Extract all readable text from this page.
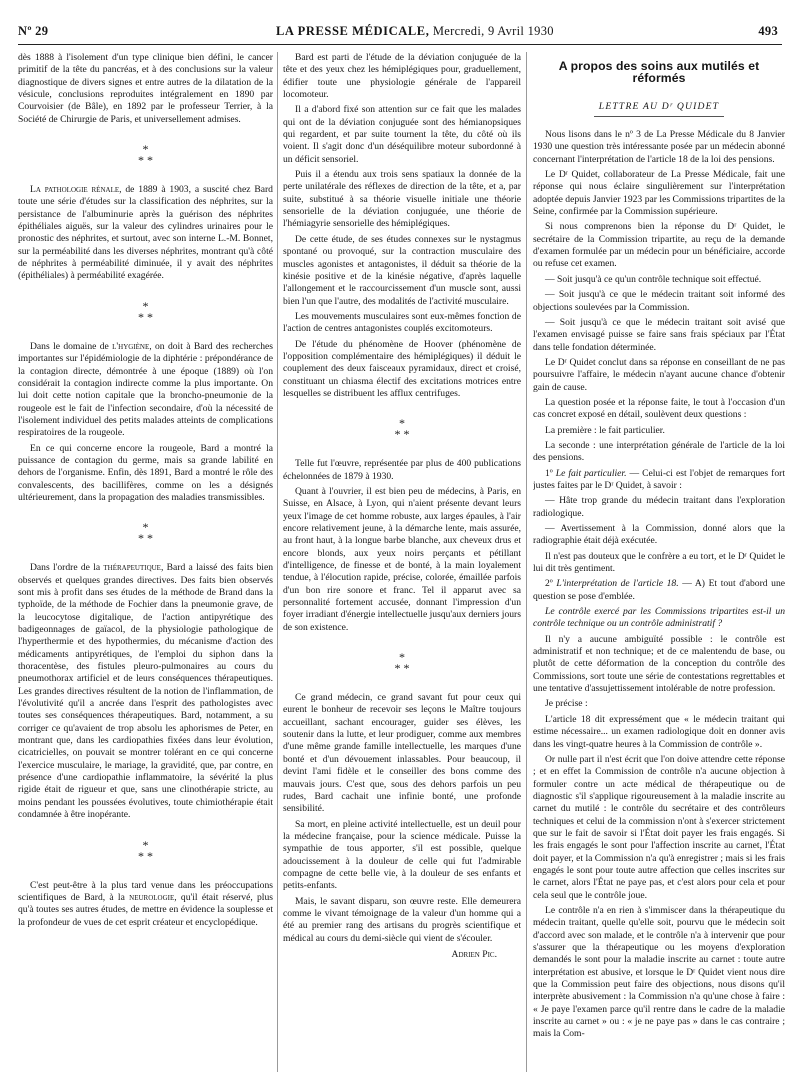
Nº 29	LA PRESSE MÉDICALE, Mercredi, 9 Avril 1930	493

dès 1888 à l'isolement d'un type clinique bien défini, le cancer primitif de la tête du pancréas, et à des conclusions sur la valeur diagnostique de divers signes et entre autres de la dilatation de la vésicule, conclusions reproduites intégralement en 1890 par Courvoisier (de Bâle), en 1892 par le professeur Terrier, à la Société de Chirurgie de Paris, et universellement admises.

*
* *

La pathologie rénale, de 1889 à 1903, a suscité chez Bard toute une série d'études sur la classification des néphrites, sur la persistance de l'albuminurie après la guérison des néphrites épithéliales aiguës, sur la valeur des cylindres urinaires pour le pronostic des néphrites, et surtout, avec son interne L.-M. Bonnet, sur la perméabilité dans les diverses néphrites, montrant qu'à côté de néphrites à perméabilité diminuée, il y avait des néphrites (épithéliales) à perméabilité exagérée.

*
* *

Dans le domaine de l'hygiène, on doit à Bard des recherches importantes sur l'épidémiologie de la diphtérie : prépondérance de la contagion directe, démontrée à une époque (1889) où l'on considérait la contagion indirecte comme la plus importante. On lui doit cette notion capitale que la broncho-pneumonie de la rougeole est le fait de l'infection secondaire, d'où la nécessité de l'isolement individuel des petits malades atteints de complications respiratoires de la rougeole.

En ce qui concerne encore la rougeole, Bard a montré la puissance de contagion du germe, mais sa grande labilité en dehors de l'organisme. Enfin, dès 1891, Bard a montré le rôle des convalescents, des bacillifères, comme on les a désignés ultérieurement, dans la propagation des maladies transmissibles.

*
* *

Dans l'ordre de la thérapeutique, Bard a laissé des faits bien observés et quelques grandes directives. Des faits bien observés sont mis à profit dans ses études de la méthode de Brand dans la typhoïde, de la méthode de Fochier dans la pneumonie grave, de la leucocytose digitalique, de l'action antipyrétique des badigeonnages de gaïacol, de la physiologie pathologique de l'hyperthermie et des hypothermies, du mécanisme d'action des médicaments antipyrétiques, de l'emploi du siphon dans la thoracentèse, des fistules pleuro-pulmonaires au cours du pneumothorax artificiel et de leurs conséquences thérapeutiques. Les grandes directives résultent de la notion de l'inflammation, de l'évolutivité qu'il a ancrée dans l'esprit des pathologistes avec toutes ses conséquences thérapeutiques. Bard, notamment, a su corriger ce qu'avaient de trop absolu les aphorismes de Peter, en montrant que, dans les cardiopathies fixées dans leur évolution, cicatricielles, on pouvait se montrer tolérant en ce qui concerne l'exercice musculaire, le mariage, la gravidité, que, par contre, en présence d'une cardiopathie inflammatoire, la sévérité la plus rigide était de rigueur et que, sans une clinothérapie stricte, au moins pendant les poussées évolutives, toute chimiothérapie était condamnée à être inopérante.

*
* *

C'est peut-être à la plus tard venue dans les préoccupations scientifiques de Bard, à la neurologie, qu'il était réservé, plus qu'à toutes ses autres études, de mettre en évidence la souplesse et la profondeur de vues de cet esprit créateur et encyclopédique.

Bard est parti de l'étude de la déviation conjuguée de la tête et des yeux chez les hémiplégiques pour, graduellement, édifier toute une physiologie générale de l'appareil locomoteur.

Il a d'abord fixé son attention sur ce fait que les malades qui ont de la déviation conjuguée sont des hémianopsiques qui regardent, et par suite tournent la tête, du côté où ils voient. Il s'agit donc d'un déséquilibre moteur subordonné à un déficit sensoriel.

Puis il a étendu aux trois sens spatiaux la donnée de la perte unilatérale des réflexes de direction de la tête, et a, par suite, substitué à sa théorie visuelle initiale une théorie sensorielle de la déviation conjuguée, une théorie de l'hémiagyrie sensorielle des hémiplégiques.

De cette étude, de ses études connexes sur le nystagmus spontané ou provoqué, sur la contraction musculaire des muscles agonistes et antagonistes, il déduit sa théorie de la kinésie positive et de la kinésie négative, d'après laquelle l'allongement et le raccourcissement d'un muscle sont, aussi bien l'un que l'autre, des modalités de l'activité musculaire.

Les mouvements musculaires sont eux-mêmes fonction de l'action de centres antagonistes couplés excitomoteurs.

De l'étude du phénomène de Hoover (phénomène de l'opposition complémentaire des hémiplégiques) il déduit le couplement des deux faisceaux pyramidaux, direct et croisé, constituant un chiasma électif des excitations motrices entre lesquelles se distribuent les afflux centrifuges.

*
* *

Telle fut l'œuvre, représentée par plus de 400 publications échelonnées de 1879 à 1930.

Quant à l'ouvrier, il est bien peu de médecins, à Paris, en Suisse, en Alsace, à Lyon, qui n'aient présente devant leurs yeux l'image de cet homme robuste, aux larges épaules, à l'air encore relativement jeune, à la démarche lente, mais assurée, au front haut, à la longue barbe blanche, aux cheveux drus et encore blonds, aux yeux noirs perçants et pétillant d'intelligence, de finesse et de bonté, à la main loyalement tendue, à l'élocution rapide, précise, colorée, émaillée parfois d'un bon rire sonore et franc. Tel il apparut avec sa personnalité fortement accusée, donnant l'impression d'un foyer irradiant d'énergie intellectuelle jusqu'aux derniers jours de son existence.

*
* *

Ce grand médecin, ce grand savant fut pour ceux qui eurent le bonheur de recevoir ses leçons le Maître toujours accueillant, sachant encourager, guider ses élèves, les soutenir dans la lutte, et leur prodiguer, comme aux membres d'une même grande famille intellectuelle, les marques d'une bonté et d'un dévouement inlassables. Pour beaucoup, il devint l'ami fidèle et le conseiller des bons comme des mauvais jours. C'est que, sous des dehors parfois un peu rudes, Bard cachait une infinie bonté, une profonde sensibilité.

Sa mort, en pleine activité intellectuelle, est un deuil pour la médecine française, pour la science médicale. Puisse la sympathie de tous apporter, s'il est possible, quelque adoucissement à la douleur de celle qui fut l'admirable compagne de cette belle vie, à la douleur de ses enfants et petits-enfants.

Mais, le savant disparu, son œuvre reste. Elle demeurera comme le vivant témoignage de la valeur d'un homme qui a été au premier rang des artisans du progrès scientifique et médical au cours du demi-siècle qui vient de s'écouler.

Adrien Pic.
A propos des soins aux mutilés et réformés
LETTRE AU Dʳ QUIDET

Nous lisons dans le nº 3 de La Presse Médicale du 8 Janvier 1930 une question très intéressante posée par un médecin abonné concernant l'interprétation de l'article 18 de la loi des pensions.

Le Dʳ Quidet, collaborateur de La Presse Médicale, fait une réponse qui nous éclaire singulièrement sur l'interprétation adoptée depuis Janvier 1923 par les Commissions tripartites de la Seine, confirmée par la Commission supérieure.

Si nous comprenons bien la réponse du Dʳ Quidet, le secrétaire de la Commission tripartite, au reçu de la demande d'examen formulée par un médecin pour un bénéficiaire, accorde ou refuse cet examen.

— Soit jusqu'à ce qu'un contrôle technique soit effectué.

— Soit jusqu'à ce que le médecin traitant soit informé des objections soulevées par la Commission.

— Soit jusqu'à ce que le médecin traitant soit avisé que l'examen envisagé puisse se faire sans frais spéciaux par l'État dans telle fondation déterminée.

Le Dʳ Quidet conclut dans sa réponse en conseillant de ne pas poursuivre l'affaire, le médecin n'ayant aucune chance d'obtenir gain de cause.

La question posée et la réponse faite, le tout à l'occasion d'un cas concret exposé en détail, soulèvent deux questions :

La première : le fait particulier.

La seconde : une interprétation générale de l'article de la loi des pensions.

1º Le fait particulier. — Celui-ci est l'objet de remarques fort justes faites par le Dʳ Quidet, à savoir :

— Hâte trop grande du médecin traitant dans l'exploration radiologique.

— Avertissement à la Commission, donné alors que la radiographie était déjà exécutée.

Il n'est pas douteux que le confrère a eu tort, et le Dʳ Quidet le lui dit très gentiment.

2º L'interprétation de l'article 18. — A) Et tout d'abord une question se pose d'emblée.

Le contrôle exercé par les Commissions tripartites est-il un contrôle technique ou un contrôle administratif ?

Il n'y a aucune ambiguïté possible : le contrôle est administratif et non technique; et de ce malentendu de base, ou plutôt de cette déformation de la conception du contrôle des Commissions, sort toute une série de contestations regrettables et une tentative d'assujettissement intolérable de notre profession.

Je précise :

L'article 18 dit expressément que « le médecin traitant qui estime nécessaire... un examen radiologique doit en donner avis dans les vingt-quatre heures à la Commission de contrôle ».

Or nulle part il n'est écrit que l'on doive attendre cette réponse ; et en effet la Commission de contrôle n'a aucune objection à formuler contre un acte médical de thérapeutique ou de diagnostic s'il s'applique rigoureusement à la maladie inscrite au carnet du mutilé : le contrôle du secrétaire et des contrôleurs techniques et celui de la commission n'ont à s'exercer strictement que sur le fait de savoir si l'État doit payer les frais engagés. Si les frais engagés le sont pour l'affection inscrite au carnet, l'État doit payer, et la Commission n'a qu'à enregistrer ; mais si les frais engagés le sont pour toute autre affection que celles inscrites sur le carnet, alors l'État ne paye pas, et c'est alors pour cela et pour cela seul que le contrôle joue.

Le contrôle n'a en rien à s'immiscer dans la thérapeutique du médecin traitant, quelle qu'elle soit, pourvu que le médecin soit d'accord avec son malade, et le contrôle n'a à intervenir que pour s'assurer que la thérapeutique ou les moyens d'exploration demandés le sont pour la maladie inscrite au carnet : toute autre interprétation est abusive, et lorsque le Dʳ Quidet vient nous dire que la Commission peut faire des objections, nous disons qu'il interprète abusivement : la Commission n'a qu'une chose à faire : « Je paye l'examen parce qu'il rentre dans le cadre de la maladie inscrite au carnet » ou : « je ne paye pas » dans le cas contraire ; mais la Com-
